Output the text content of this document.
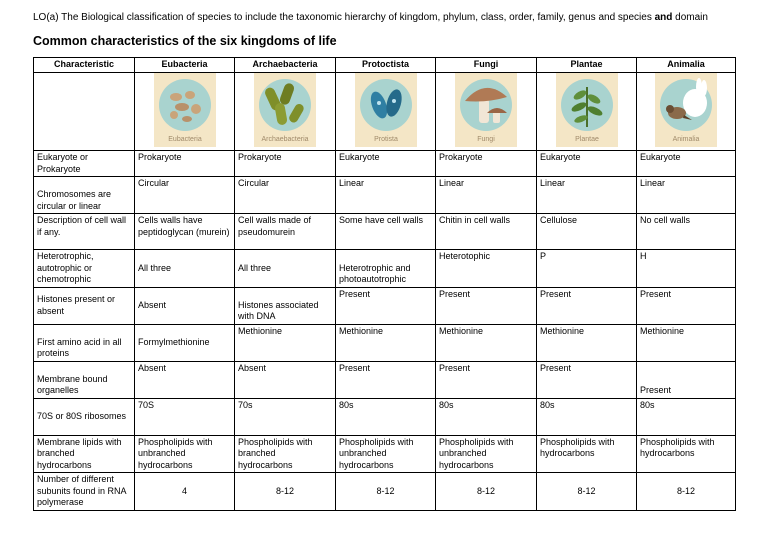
LO(a) The Biological classification of species to include the taxonomic hierarchy of kingdom, phylum, class, order, family, genus and species and domain
Common characteristics of the six kingdoms of life
Characteristic	Eubacteria	Archaebacteria	Protoctista	Fungi	Plantae	Animalia

Eubacteria	Archaebacteria	Protista	Fungi	Plantae	Animalia

Eukaryote or Prokaryote	Prokaryote	Prokaryote	Eukaryote	Prokaryote	Eukaryote	Eukaryote
Chromosomes are circular or linear	Circular	Circular	Linear	Linear	Linear	Linear
Description of cell wall if any.	Cells walls have peptidoglycan (murein)	Cell walls made of pseudomurein	Some have cell walls	Chitin in cell walls	Cellulose	No cell walls
Heterotrophic, autotrophic or chemotrophic	All three	All three	Heterotrophic and photoautotrophic	Heterotophic	P	H
Histones present or absent	Absent	Histones associated with DNA	Present	Present	Present	Present
First amino acid in all proteins	Formylmethionine	Methionine	Methionine	Methionine	Methionine	Methionine
Membrane bound organelles	Absent	Absent	Present	Present	Present	Present
70S or 80S ribosomes	70S	70s	80s	80s	80s	80s
Membrane lipids with branched hydrocarbons	Phospholipids with unbranched hydrocarbons	Phospholipids with branched hydrocarbons	Phospholipids with unbranched hydrocarbons	Phospholipids with unbranched hydrocarbons	Phospholipids with hydrocarbons	Phospholipids with hydrocarbons
Number of different subunits found in RNA polymerase	4	8-12	8-12	8-12	8-12	8-12
